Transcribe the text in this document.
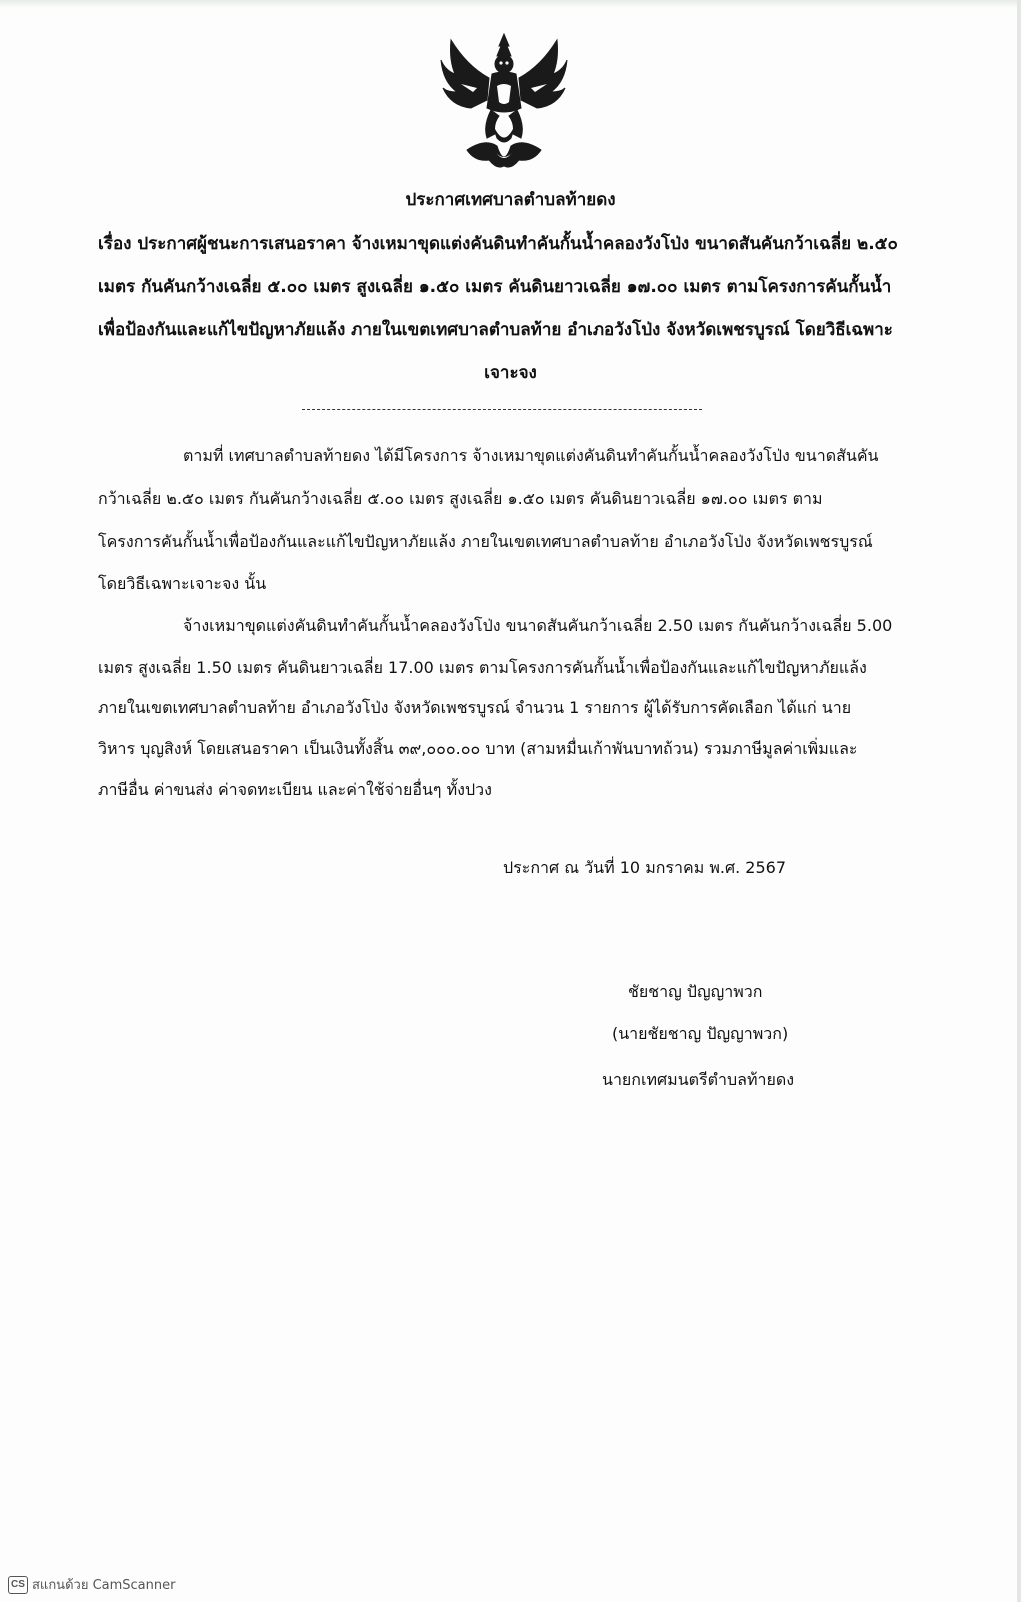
ประกาศเทศบาลตำบลท้ายดง
เรื่อง ประกาศผู้ชนะการเสนอราคา จ้างเหมาขุดแต่งคันดินทำคันกั้นน้ำคลองวังโป่ง ขนาดสันคันกว้าเฉลี่ย ๒.๕๐
เมตร กันคันกว้างเฉลี่ย ๕.๐๐ เมตร สูงเฉลี่ย ๑.๕๐ เมตร คันดินยาวเฉลี่ย ๑๗.๐๐ เมตร ตามโครงการคันกั้นน้ำ
เพื่อป้องกันและแก้ไขปัญหาภัยแล้ง ภายในเขตเทศบาลตำบลท้าย อำเภอวังโป่ง จังหวัดเพชรบูรณ์ โดยวิธีเฉพาะ
เจาะจง
ตามที่ เทศบาลตำบลท้ายดง ได้มีโครงการ จ้างเหมาขุดแต่งคันดินทำคันกั้นน้ำคลองวังโป่ง ขนาดสันคัน
กว้าเฉลี่ย ๒.๕๐ เมตร กันคันกว้างเฉลี่ย ๕.๐๐ เมตร สูงเฉลี่ย ๑.๕๐ เมตร คันดินยาวเฉลี่ย ๑๗.๐๐ เมตร ตาม
โครงการคันกั้นน้ำเพื่อป้องกันและแก้ไขปัญหาภัยแล้ง ภายในเขตเทศบาลตำบลท้าย อำเภอวังโป่ง จังหวัดเพชรบูรณ์
โดยวิธีเฉพาะเจาะจง นั้น
จ้างเหมาขุดแต่งคันดินทำคันกั้นน้ำคลองวังโป่ง ขนาดสันคันกว้าเฉลี่ย 2.50 เมตร กันคันกว้างเฉลี่ย 5.00
เมตร สูงเฉลี่ย 1.50 เมตร คันดินยาวเฉลี่ย 17.00 เมตร ตามโครงการคันกั้นน้ำเพื่อป้องกันและแก้ไขปัญหาภัยแล้ง
ภายในเขตเทศบาลตำบลท้าย อำเภอวังโป่ง จังหวัดเพชรบูรณ์ จำนวน 1 รายการ ผู้ได้รับการคัดเลือก ได้แก่ นาย
วิหาร บุญสิงห์ โดยเสนอราคา เป็นเงินทั้งสิ้น ๓๙,๐๐๐.๐๐ บาท (สามหมื่นเก้าพันบาทถ้วน) รวมภาษีมูลค่าเพิ่มและ
ภาษีอื่น ค่าขนส่ง ค่าจดทะเบียน และค่าใช้จ่ายอื่นๆ ทั้งปวง
ประกาศ ณ วันที่ 10 มกราคม พ.ศ. 2567
ชัยชาญ ปัญญาพวก
(นายชัยชาญ ปัญญาพวก)
นายกเทศมนตรีตำบลท้ายดง
CS สแกนด้วย CamScanner
